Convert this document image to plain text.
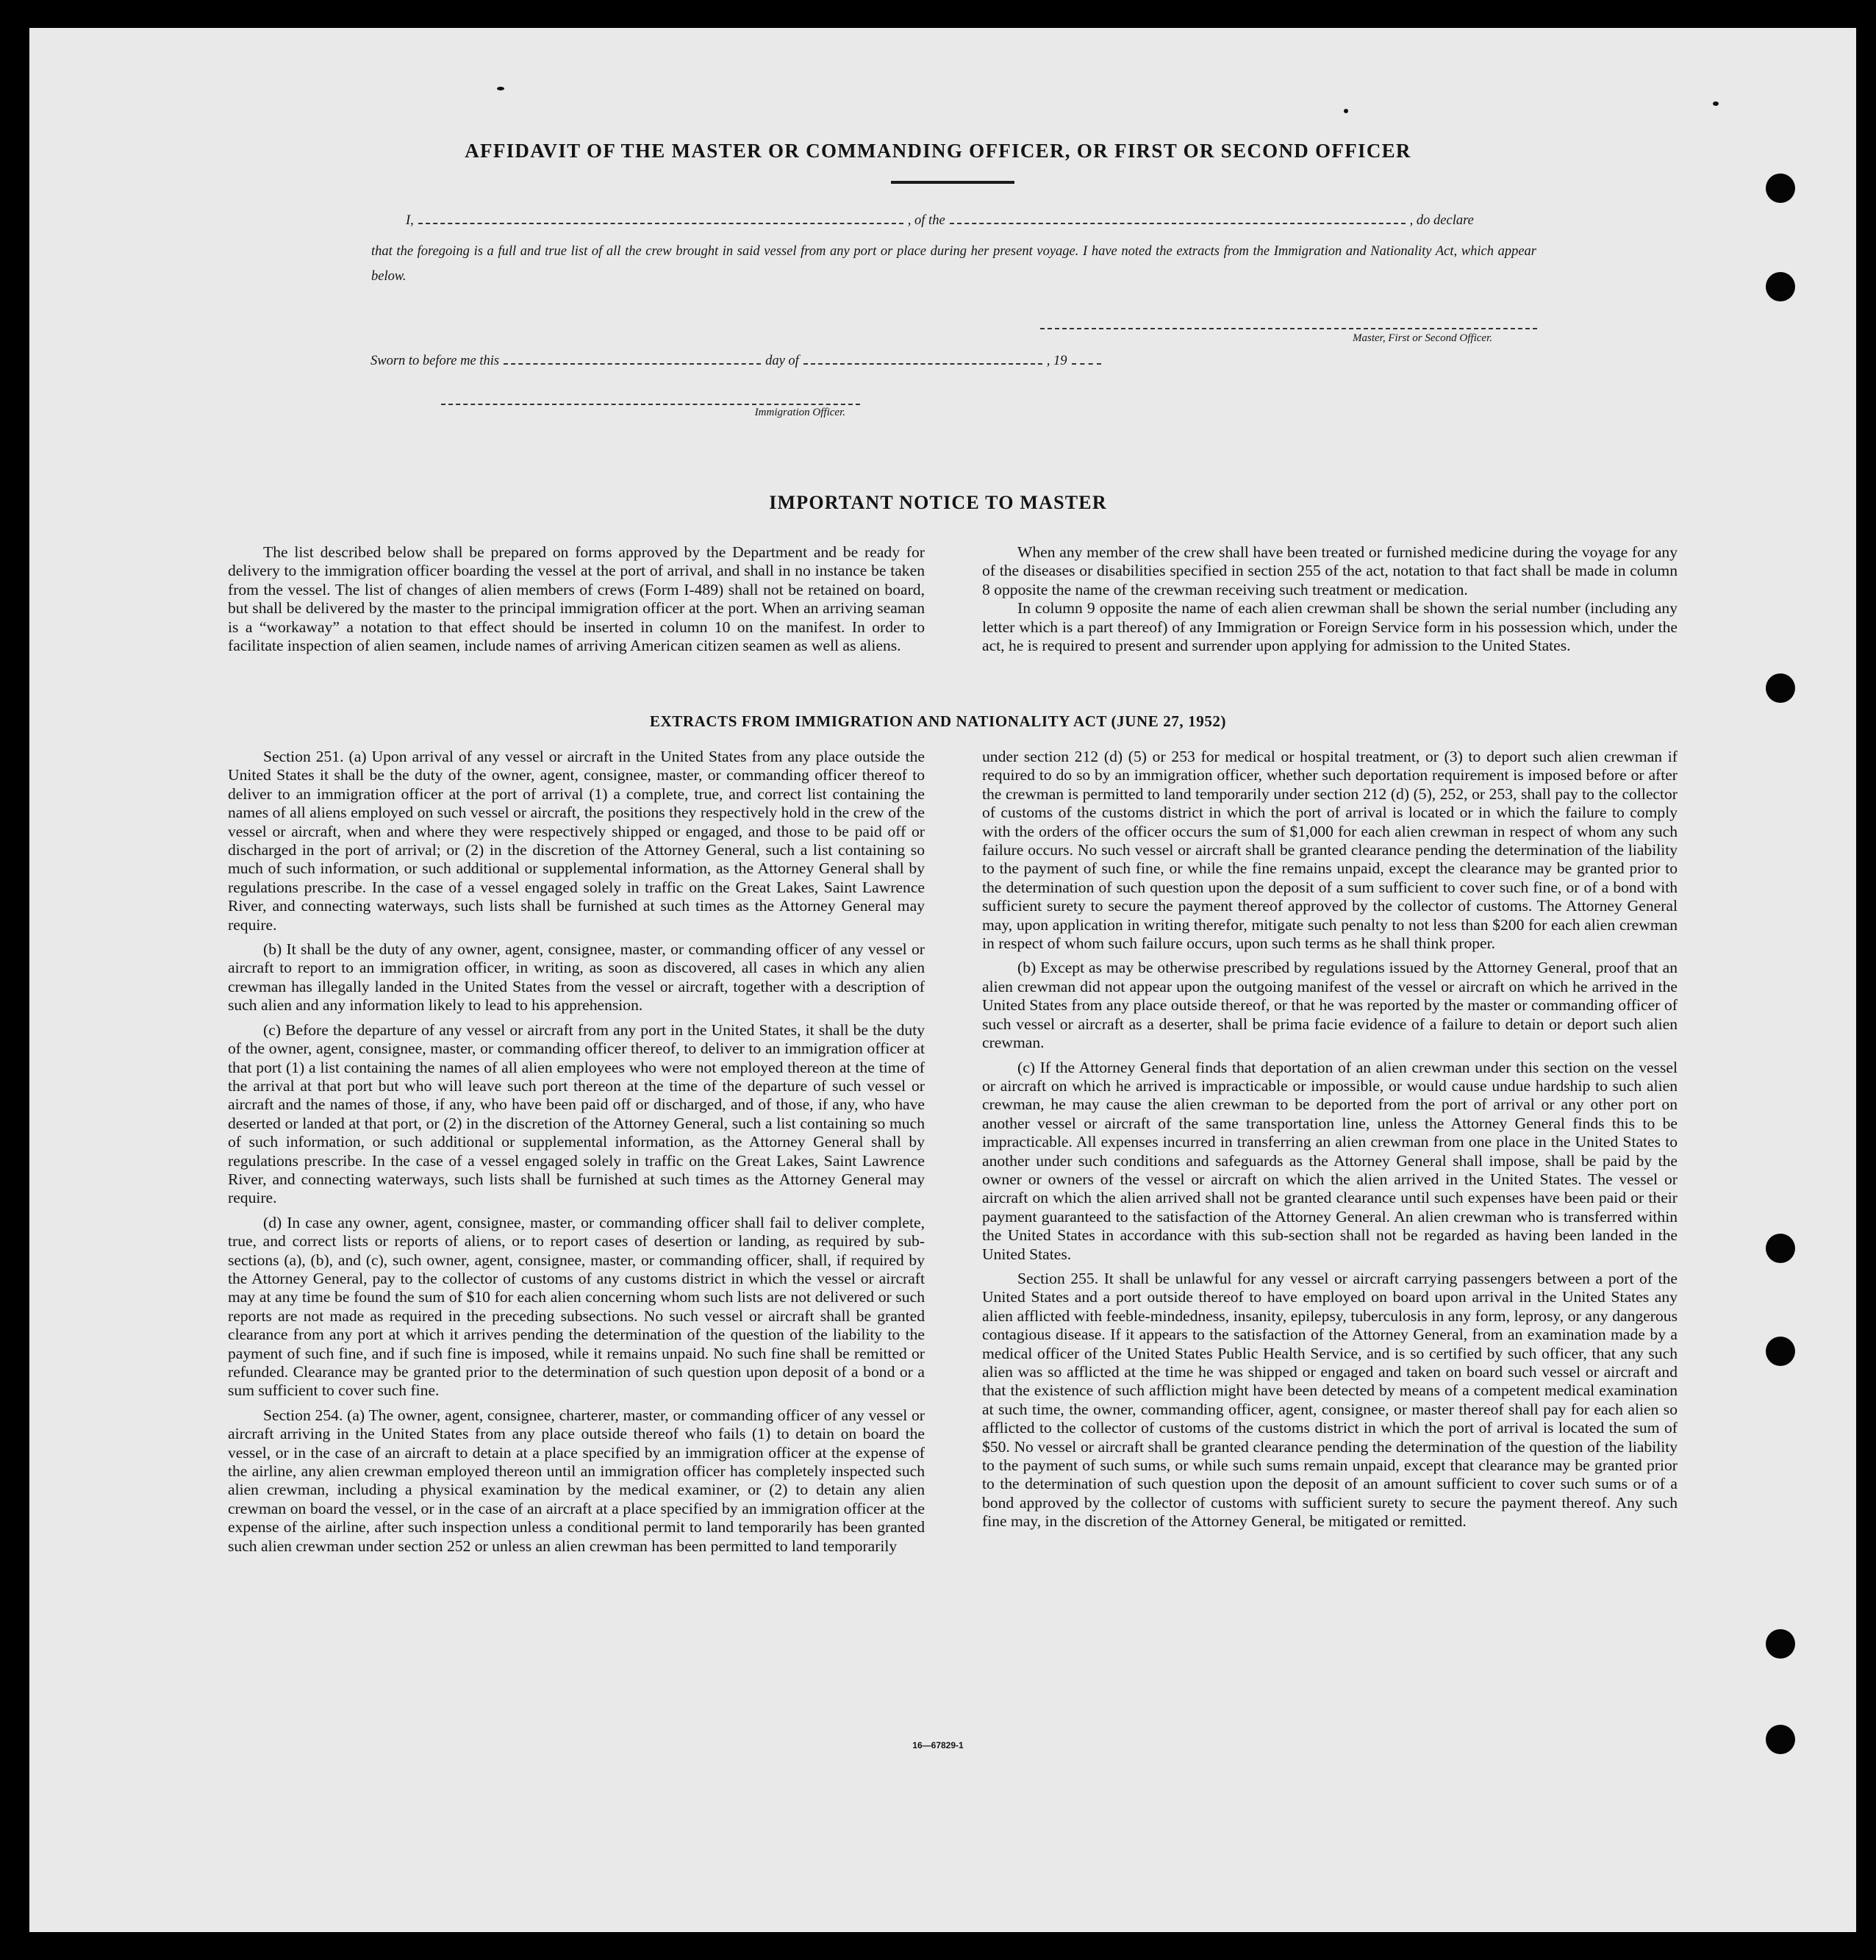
AFFIDAVIT OF THE MASTER OR COMMANDING OFFICER, OR FIRST OR SECOND OFFICER
I,	, of the	, do declare
that the foregoing is a full and true list of all the crew brought in said vessel from any port or place during her present voyage. I have noted the extracts from the Immigration and Nationality Act, which appear below.
Master, First or Second Officer.
Sworn to before me this	day of	, 19
Immigration Officer.
IMPORTANT NOTICE TO MASTER

The list described below shall be prepared on forms approved by the Department and be ready for delivery to the immigration officer boarding the vessel at the port of arrival, and shall in no instance be taken from the vessel. The list of changes of alien members of crews (Form I-489) shall not be retained on board, but shall be delivered by the master to the principal immigration officer at the port. When an arriving seaman is a “workaway” a notation to that effect should be inserted in column 10 on the manifest. In order to facilitate inspection of alien seamen, include names of arriving American citizen seamen as well as aliens.

When any member of the crew shall have been treated or furnished medicine during the voyage for any of the diseases or disabilities specified in section 255 of the act, notation to that fact shall be made in column 8 opposite the name of the crewman receiving such treatment or medication.

In column 9 opposite the name of each alien crewman shall be shown the serial number (including any letter which is a part thereof) of any Immigration or Foreign Service form in his possession which, under the act, he is required to present and surrender upon applying for admission to the United States.

EXTRACTS FROM IMMIGRATION AND NATIONALITY ACT (JUNE 27, 1952)

Section 251. (a) Upon arrival of any vessel or aircraft in the United States from any place outside the United States it shall be the duty of the owner, agent, consignee, master, or commanding officer thereof to deliver to an immigration officer at the port of arrival (1) a complete, true, and correct list containing the names of all aliens employed on such vessel or aircraft, the positions they respectively hold in the crew of the vessel or aircraft, when and where they were respectively shipped or engaged, and those to be paid off or discharged in the port of arrival; or (2) in the discretion of the Attorney General, such a list containing so much of such information, or such additional or supplemental information, as the Attorney General shall by regulations prescribe. In the case of a vessel engaged solely in traffic on the Great Lakes, Saint Lawrence River, and connecting waterways, such lists shall be furnished at such times as the Attorney General may require.

(b) It shall be the duty of any owner, agent, consignee, master, or commanding officer of any vessel or aircraft to report to an immigration officer, in writing, as soon as discovered, all cases in which any alien crewman has illegally landed in the United States from the vessel or aircraft, together with a description of such alien and any information likely to lead to his apprehension.

(c) Before the departure of any vessel or aircraft from any port in the United States, it shall be the duty of the owner, agent, consignee, master, or commanding officer thereof, to deliver to an immigration officer at that port (1) a list containing the names of all alien employees who were not employed thereon at the time of the arrival at that port but who will leave such port thereon at the time of the departure of such vessel or aircraft and the names of those, if any, who have been paid off or discharged, and of those, if any, who have deserted or landed at that port, or (2) in the discretion of the Attorney General, such a list containing so much of such information, or such additional or supplemental information, as the Attorney General shall by regulations prescribe. In the case of a vessel engaged solely in traffic on the Great Lakes, Saint Lawrence River, and connecting waterways, such lists shall be furnished at such times as the Attorney General may require.

(d) In case any owner, agent, consignee, master, or commanding officer shall fail to deliver complete, true, and correct lists or reports of aliens, or to report cases of desertion or landing, as required by sub-sections (a), (b), and (c), such owner, agent, consignee, master, or commanding officer, shall, if required by the Attorney General, pay to the collector of customs of any customs district in which the vessel or aircraft may at any time be found the sum of $10 for each alien concerning whom such lists are not delivered or such reports are not made as required in the preceding subsections. No such vessel or aircraft shall be granted clearance from any port at which it arrives pending the determination of the question of the liability to the payment of such fine, and if such fine is imposed, while it remains unpaid. No such fine shall be remitted or refunded. Clearance may be granted prior to the determination of such question upon deposit of a bond or a sum sufficient to cover such fine.

Section 254. (a) The owner, agent, consignee, charterer, master, or commanding officer of any vessel or aircraft arriving in the United States from any place outside thereof who fails (1) to detain on board the vessel, or in the case of an aircraft to detain at a place specified by an immigration officer at the expense of the airline, any alien crewman employed thereon until an immigration officer has completely inspected such alien crewman, including a physical examination by the medical examiner, or (2) to detain any alien crewman on board the vessel, or in the case of an aircraft at a place specified by an immigration officer at the expense of the airline, after such inspection unless a conditional permit to land temporarily has been granted such alien crewman under section 252 or unless an alien crewman has been permitted to land temporarily

under section 212 (d) (5) or 253 for medical or hospital treatment, or (3) to deport such alien crewman if required to do so by an immigration officer, whether such deportation requirement is imposed before or after the crewman is permitted to land temporarily under section 212 (d) (5), 252, or 253, shall pay to the collector of customs of the customs district in which the port of arrival is located or in which the failure to comply with the orders of the officer occurs the sum of $1,000 for each alien crewman in respect of whom any such failure occurs. No such vessel or aircraft shall be granted clearance pending the determination of the liability to the payment of such fine, or while the fine remains unpaid, except the clearance may be granted prior to the determination of such question upon the deposit of a sum sufficient to cover such fine, or of a bond with sufficient surety to secure the payment thereof approved by the collector of customs. The Attorney General may, upon application in writing therefor, mitigate such penalty to not less than $200 for each alien crewman in respect of whom such failure occurs, upon such terms as he shall think proper.

(b) Except as may be otherwise prescribed by regulations issued by the Attorney General, proof that an alien crewman did not appear upon the outgoing manifest of the vessel or aircraft on which he arrived in the United States from any place outside thereof, or that he was reported by the master or commanding officer of such vessel or aircraft as a deserter, shall be prima facie evidence of a failure to detain or deport such alien crewman.

(c) If the Attorney General finds that deportation of an alien crewman under this section on the vessel or aircraft on which he arrived is impracticable or impossible, or would cause undue hardship to such alien crewman, he may cause the alien crewman to be deported from the port of arrival or any other port on another vessel or aircraft of the same transportation line, unless the Attorney General finds this to be impracticable. All expenses incurred in transferring an alien crewman from one place in the United States to another under such conditions and safeguards as the Attorney General shall impose, shall be paid by the owner or owners of the vessel or aircraft on which the alien arrived in the United States. The vessel or aircraft on which the alien arrived shall not be granted clearance until such expenses have been paid or their payment guaranteed to the satisfaction of the Attorney General. An alien crewman who is transferred within the United States in accordance with this sub-section shall not be regarded as having been landed in the United States.

Section 255. It shall be unlawful for any vessel or aircraft carrying passengers between a port of the United States and a port outside thereof to have employed on board upon arrival in the United States any alien afflicted with feeble-mindedness, insanity, epilepsy, tuberculosis in any form, leprosy, or any dangerous contagious disease. If it appears to the satisfaction of the Attorney General, from an examination made by a medical officer of the United States Public Health Service, and is so certified by such officer, that any such alien was so afflicted at the time he was shipped or engaged and taken on board such vessel or aircraft and that the existence of such affliction might have been detected by means of a competent medical examination at such time, the owner, commanding officer, agent, consignee, or master thereof shall pay for each alien so afflicted to the collector of customs of the customs district in which the port of arrival is located the sum of $50. No vessel or aircraft shall be granted clearance pending the determination of the question of the liability to the payment of such sums, or while such sums remain unpaid, except that clearance may be granted prior to the determination of such question upon the deposit of an amount sufficient to cover such sums or of a bond approved by the collector of customs with sufficient surety to secure the payment thereof. Any such fine may, in the discretion of the Attorney General, be mitigated or remitted.

16—67829-1
